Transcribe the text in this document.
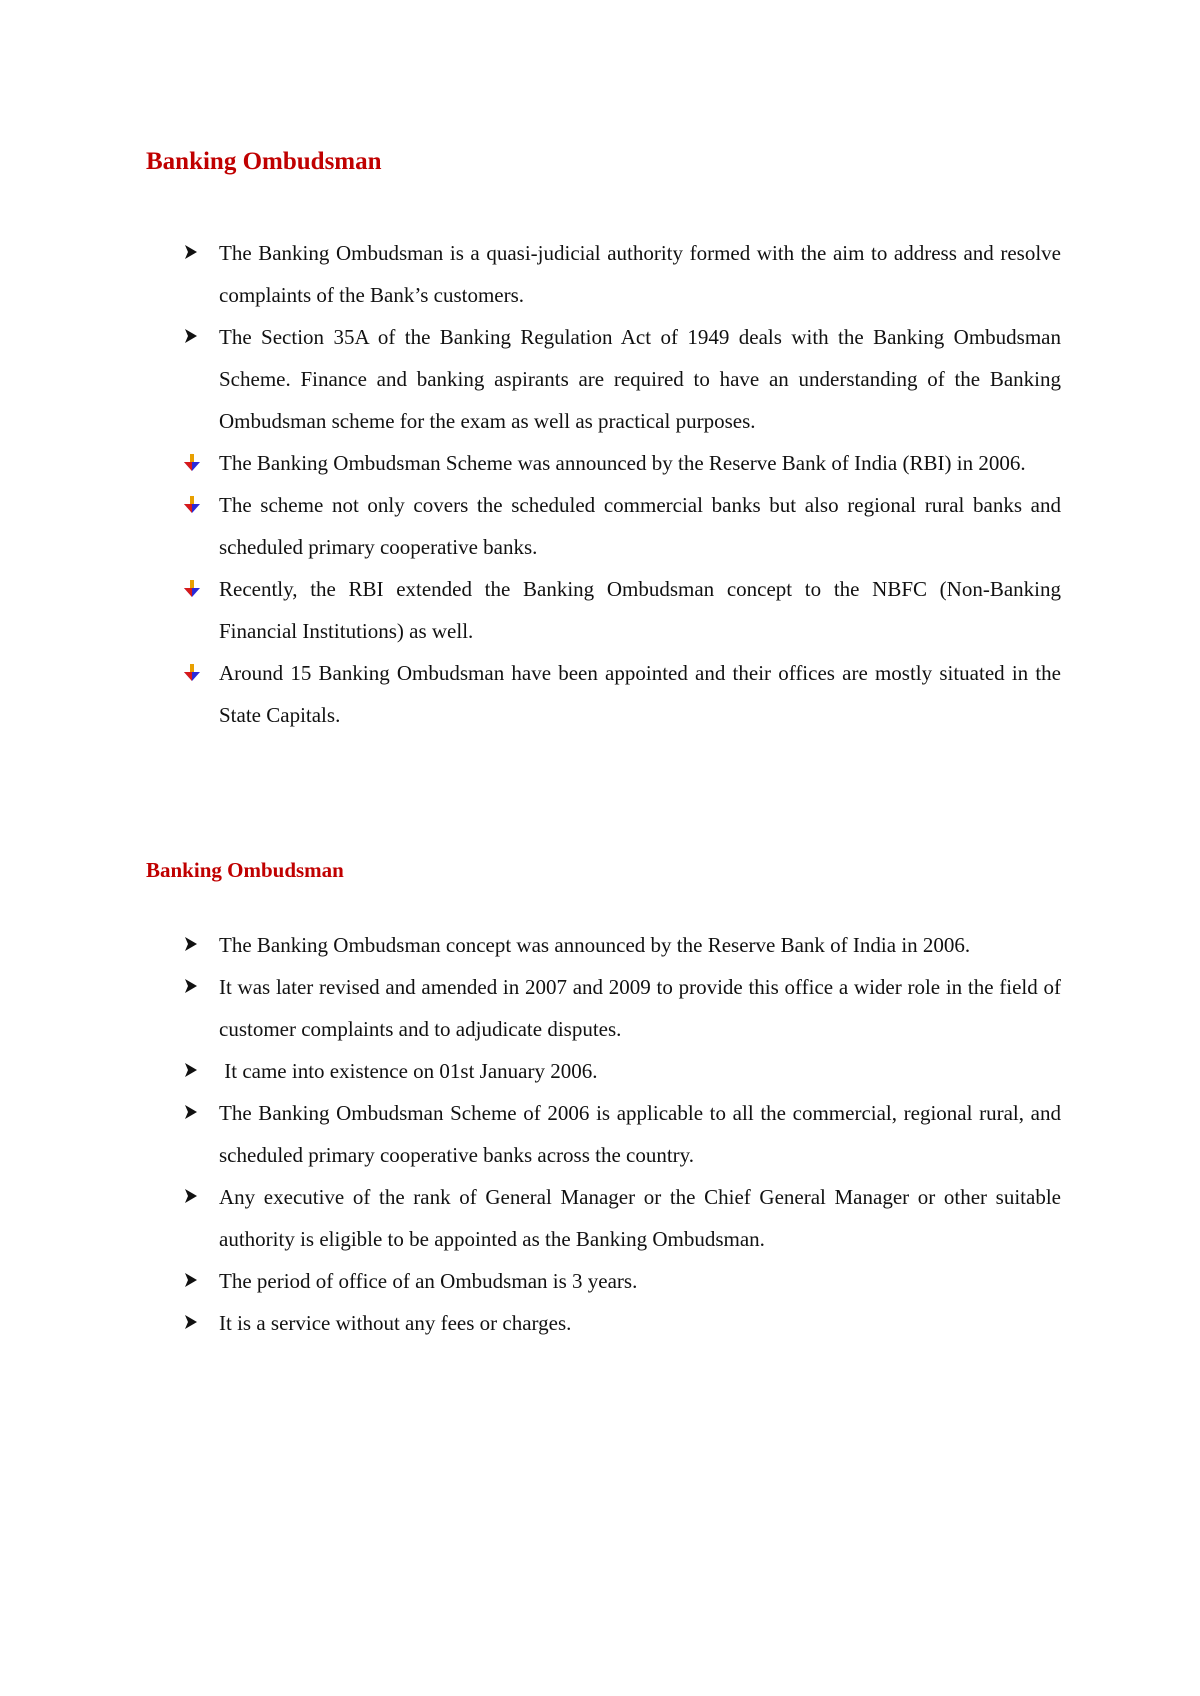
Banking Ombudsman
The Banking Ombudsman is a quasi-judicial authority formed with the aim to address and resolve complaints of the Bank’s customers.
The Section 35A of the Banking Regulation Act of 1949 deals with the Banking Ombudsman Scheme. Finance and banking aspirants are required to have an understanding of the Banking Ombudsman scheme for the exam as well as practical purposes.
The Banking Ombudsman Scheme was announced by the Reserve Bank of India (RBI) in 2006.
The scheme not only covers the scheduled commercial banks but also regional rural banks and scheduled primary cooperative banks.
Recently, the RBI extended the Banking Ombudsman concept to the NBFC (Non-Banking Financial Institutions) as well.
Around 15 Banking Ombudsman have been appointed and their offices are mostly situated in the State Capitals.
Banking Ombudsman
The Banking Ombudsman concept was announced by the Reserve Bank of India in 2006.
It was later revised and amended in 2007 and 2009 to provide this office a wider role in the field of customer complaints and to adjudicate disputes.
It came into existence on 01st January 2006.
The Banking Ombudsman Scheme of 2006 is applicable to all the commercial, regional rural, and scheduled primary cooperative banks across the country.
Any executive of the rank of General Manager or the Chief General Manager or other suitable authority is eligible to be appointed as the Banking Ombudsman.
The period of office of an Ombudsman is 3 years.
It is a service without any fees or charges.
